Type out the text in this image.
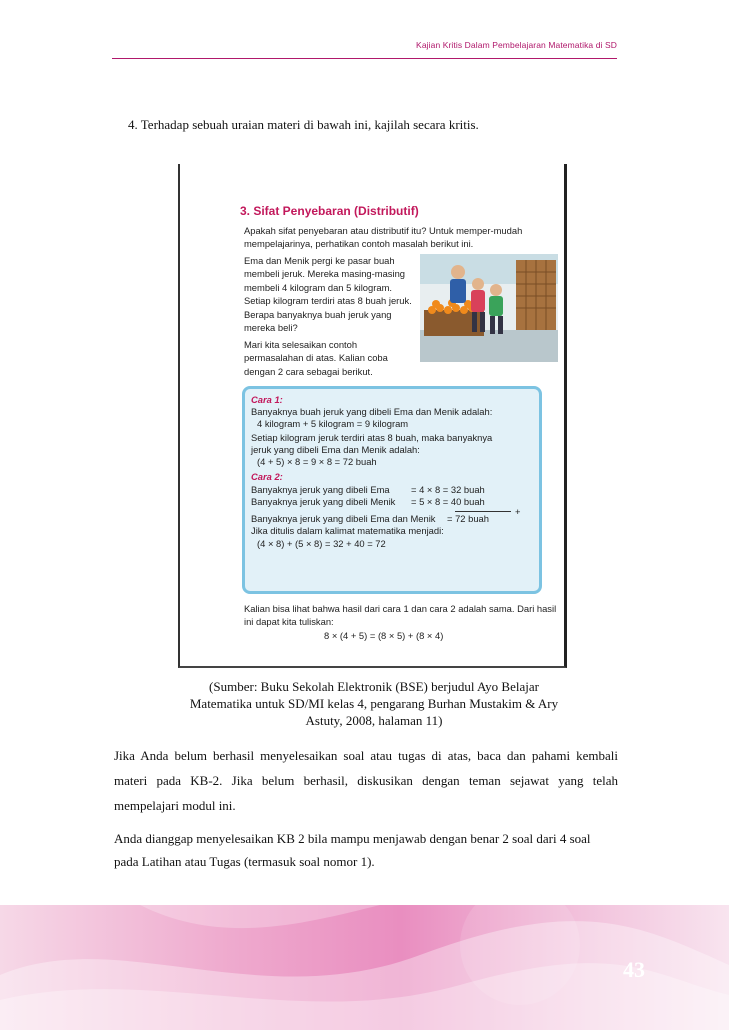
Kajian Kritis Dalam Pembelajaran Matematika di SD
4. Terhadap sebuah uraian materi di bawah ini, kajilah secara kritis.
3. Sifat Penyebaran (Distributif)
Apakah sifat penyebaran atau distributif itu? Untuk memper-mudah mempelajarinya, perhatikan contoh masalah berikut ini.
Ema dan Menik pergi ke pasar buah membeli jeruk. Mereka masing-masing membeli 4 kilogram dan 5 kilogram. Setiap kilogram terdiri atas 8 buah jeruk. Berapa banyaknya buah jeruk yang mereka beli?
Mari kita selesaikan contoh permasalahan di atas. Kalian coba dengan 2 cara sebagai berikut.
Cara 1:
Banyaknya buah jeruk yang dibeli Ema dan Menik adalah:
4 kilogram + 5 kilogram = 9 kilogram
Setiap kilogram jeruk terdiri atas 8 buah, maka banyaknya
jeruk yang dibeli Ema dan Menik adalah:
(4 + 5) × 8 = 9 × 8 = 72 buah
Cara 2:
Banyaknya jeruk yang dibeli Ema = 4 × 8 = 32 buah
Banyaknya jeruk yang dibeli Menik = 5 × 8 = 40 buah
+
Banyaknya jeruk yang dibeli Ema dan Menik = 72 buah
Jika ditulis dalam kalimat matematika menjadi:
(4 × 8) + (5 × 8) = 32 + 40 = 72
Kalian bisa lihat bahwa hasil dari cara 1 dan cara 2 adalah sama. Dari hasil ini dapat kita tuliskan:
8 × (4 + 5) = (8 × 5) + (8 × 4)
(Sumber: Buku Sekolah Elektronik (BSE) berjudul Ayo Belajar
Matematika untuk SD/MI kelas 4, pengarang Burhan Mustakim & Ary
Astuty, 2008, halaman 11)
Jika Anda belum berhasil menyelesaikan soal atau tugas di atas, baca dan pahami kembali materi pada KB-2. Jika belum berhasil, diskusikan dengan teman sejawat yang telah mempelajari modul ini.
Anda dianggap menyelesaikan KB 2 bila mampu menjawab dengan benar 2 soal dari 4 soal pada Latihan atau Tugas (termasuk soal nomor 1).
43
